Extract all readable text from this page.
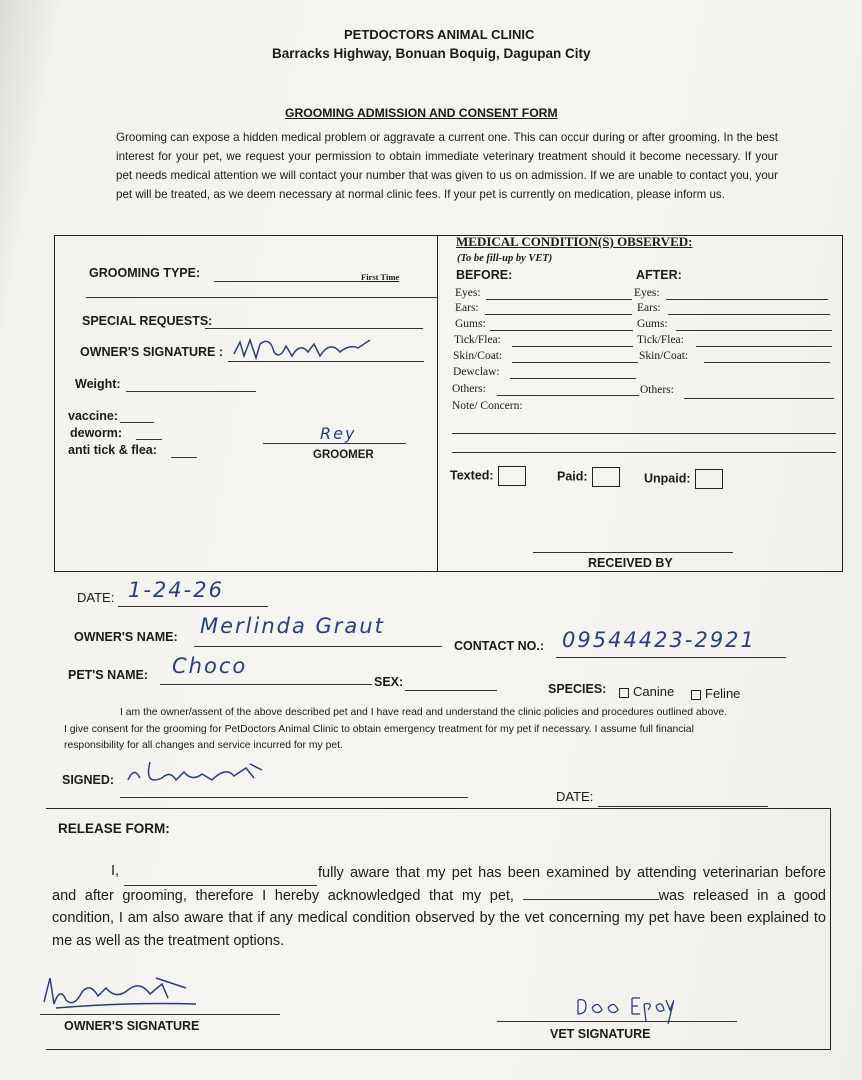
PETDOCTORS ANIMAL CLINIC
Barracks Highway, Bonuan Boquig, Dagupan City
GROOMING ADMISSION AND CONSENT FORM
Grooming can expose a hidden medical problem or aggravate a current one. This can occur during or after grooming. In the best interest for your pet, we request your permission to obtain immediate veterinary treatment should it become necessary. If your pet needs medical attention we will contact your number that was given to us on admission. If we are unable to contact you, your pet will be treated, as we deem necessary at normal clinic fees. If your pet is currently on medication, please inform us.
GROOMING TYPE:	First Time
SPECIAL REQUESTS:
OWNER'S SIGNATURE :
Weight:
vaccine:
deworm:
anti tick & flea:
Rey
GROOMER
MEDICAL CONDITION(S) OBSERVED:
(To be fill-up by VET)
BEFORE:	AFTER:
Eyes:	Eyes:
Ears:	Ears:
Gums:	Gums:
Tick/Flea:	Tick/Flea:
Skin/Coat:	Skin/Coat:
Dewclaw:
Others:	Others:
Note/ Concern:
Texted:	Paid:	Unpaid:
RECEIVED BY
DATE: 1-24-26
OWNER'S NAME: Merlinda Graut
CONTACT NO.: 09544423-2921
PET'S NAME: Choco
SEX:	SPECIES:	Canine	Feline
I am the owner/assent of the above described pet and I have read and understand the clinic policies and procedures outlined above.
I give consent for the grooming for PetDoctors Animal Clinic to obtain emergency treatment for my pet if necessary. I assume full financial
responsibility for all changes and service incurred for my pet.
SIGNED:
DATE:
RELEASE FORM:
I,	fully aware that my pet has been examined by attending veterinarian before and after grooming, therefore I hereby acknowledged that my pet,	was released in a good condition, I am also aware that if any medical condition observed by the vet concerning my pet have been explained to me as well as the treatment options.
OWNER'S SIGNATURE
VET SIGNATURE
